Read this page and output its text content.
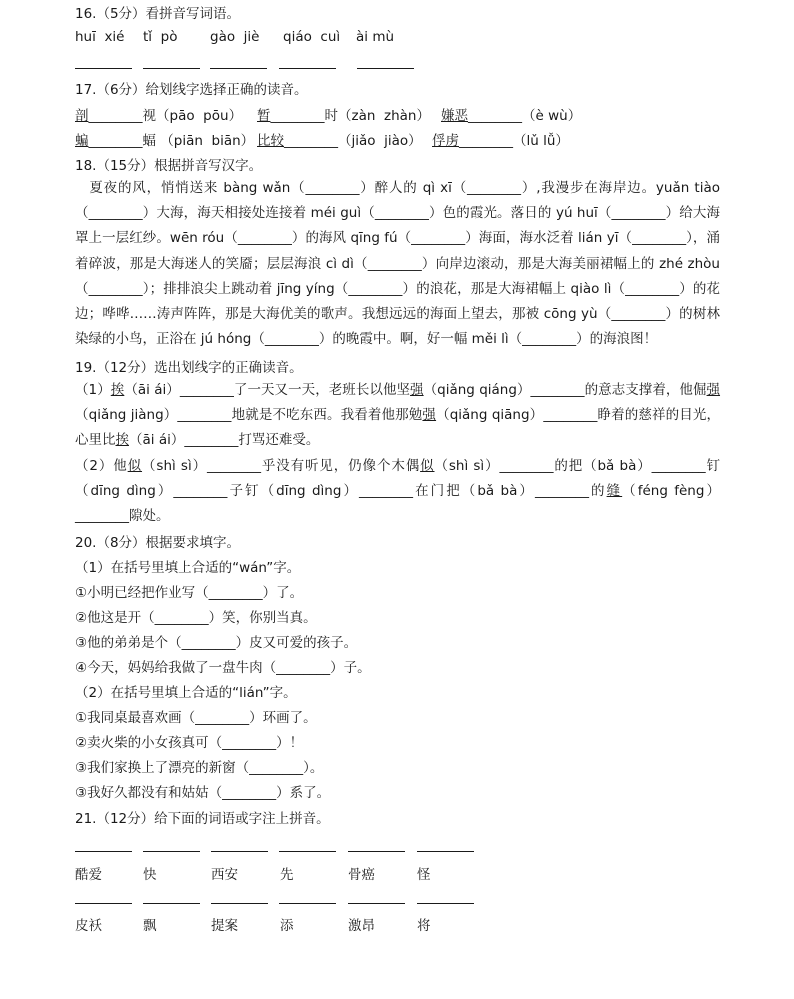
16.（5分）看拼音写词语。
huī  xié tǐ  pò gào  jiè qiáo  cuì ài mù
17.（6分）给划线字选择正确的读音。
剖________视（pāo  pōu） 暂________时（zàn  zhàn） 嫌恶________（è wù）
蝙________蝠 （piān  biān） 比较________（jiǎo  jiào） 俘虏________（lǔ lǚ）
18.（15分）根据拼音写汉字。
　夏夜的风，悄悄送来 bàng wǎn（________）醉人的 qì xī（________）,我漫步在海岸边。yuǎn tiào（________）大海，海天相接处连接着 méi guì（________）色的霞光。落日的 yú huī（________）给大海罩上一层红纱。wēn róu（________）的海风 qīng fú（________）海面，海水泛着 lián yī（________），涌着碎波，那是大海迷人的笑靥；层层海浪 cì dì（________）向岸边滚动，那是大海美丽裙幅上的 zhé zhòu（________）；排排浪尖上跳动着 jīng yíng（________）的浪花，那是大海裙幅上 qiào lì（________）的花边；哗哗……涛声阵阵，那是大海优美的歌声。我想远远的海面上望去，那被 cōng yù（________）的树林染绿的小鸟，正浴在 jú hóng（________）的晚霞中。啊，好一幅 měi lì（________）的海浪图！
19.（12分）选出划线字的正确读音。
（1）挨（āi ái）________了一天又一天，老班长以他坚强（qiǎng qiáng）________的意志支撑着，他倔强（qiǎng jiàng）________地就是不吃东西。我看着他那勉强（qiǎng qiāng）________睁着的慈祥的目光，心里比挨（āi ái）________打骂还难受。
（2）他似（shì sì）________乎没有听见，仍像个木偶似（shì sì）________的把（bǎ bà）________钉（dīng dìng）________子钉（dīng dìng）________在门把（bǎ bà）________的缝（féng fèng）________隙处。
20.（8分）根据要求填字。
（1）在括号里填上合适的“wán”字。
①小明已经把作业写（________）了。
②他这是开（________）笑，你别当真。
③他的弟弟是个（________）皮又可爱的孩子。
④今天，妈妈给我做了一盘牛肉（________）子。
（2）在括号里填上合适的“lián”字。
①我同桌最喜欢画（________）环画了。
②卖火柴的小女孩真可（________）！
③我们家换上了漂亮的新窗（________）。
③我好久都没有和姑姑（________）系了。
21.（12分）给下面的词语或字注上拼音。
酷爱	快	西安	先	骨癌	怪
皮袄	飘	提案	添	激昂	将
